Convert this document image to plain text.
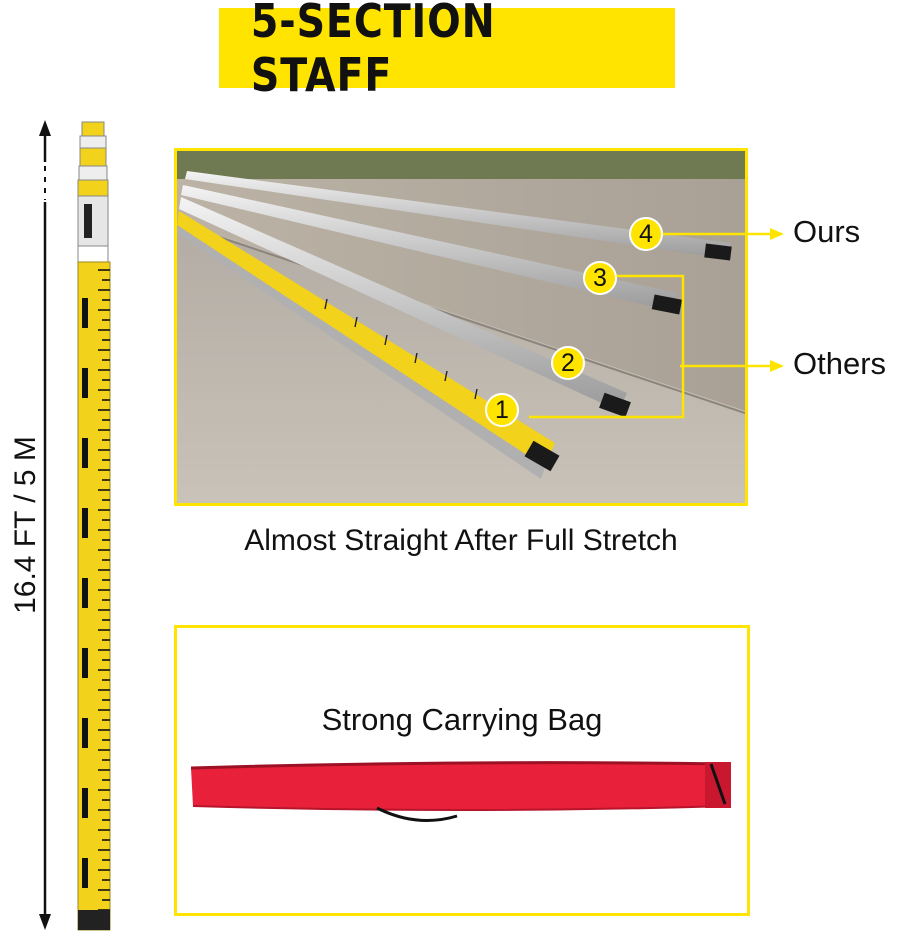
5-SECTION STAFF
16.4 FT / 5 M
1
2
3
4	Ours
Others
Almost Straight After Full Stretch
Strong Carrying Bag
